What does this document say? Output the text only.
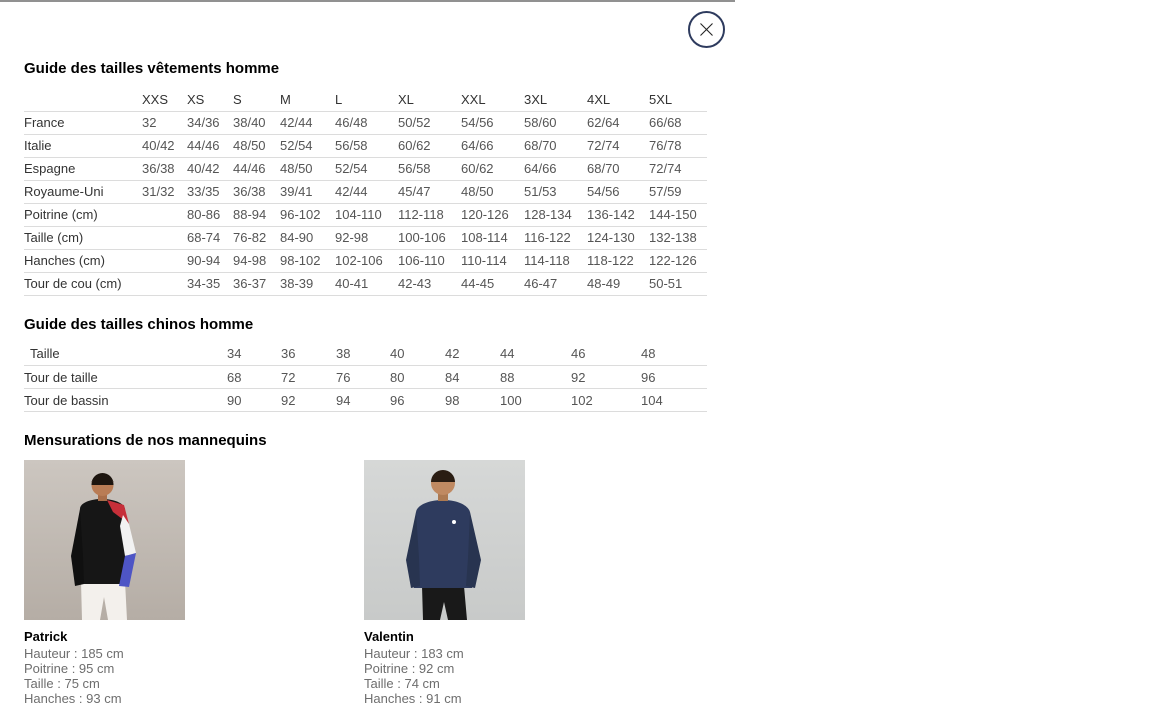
Guide des tailles vêtements homme
	XXS	XS	S	M	L	XL	XXL	3XL	4XL	5XL
France	32	34/36	38/40	42/44	46/48	50/52	54/56	58/60	62/64	66/68
Italie	40/42	44/46	48/50	52/54	56/58	60/62	64/66	68/70	72/74	76/78
Espagne	36/38	40/42	44/46	48/50	52/54	56/58	60/62	64/66	68/70	72/74
Royaume-Uni	31/32	33/35	36/38	39/41	42/44	45/47	48/50	51/53	54/56	57/59
Poitrine (cm)		80-86	88-94	96-102	104-110	112-118	120-126	128-134	136-142	144-150
Taille (cm)		68-74	76-82	84-90	92-98	100-106	108-114	116-122	124-130	132-138
Hanches (cm)		90-94	94-98	98-102	102-106	106-110	110-114	114-118	118-122	122-126
Tour de cou (cm)		34-35	36-37	38-39	40-41	42-43	44-45	46-47	48-49	50-51
Guide des tailles chinos homme
Taille	34	36	38	40	42	44	46	48
Tour de taille	68	72	76	80	84	88	92	96
Tour de bassin	90	92	94	96	98	100	102	104
Mensurations de nos mannequins
Patrick
Hauteur : 185 cm
Poitrine : 95 cm
Taille : 75 cm
Hanches : 93 cm
Valentin
Hauteur : 183 cm
Poitrine : 92 cm
Taille : 74 cm
Hanches : 91 cm
